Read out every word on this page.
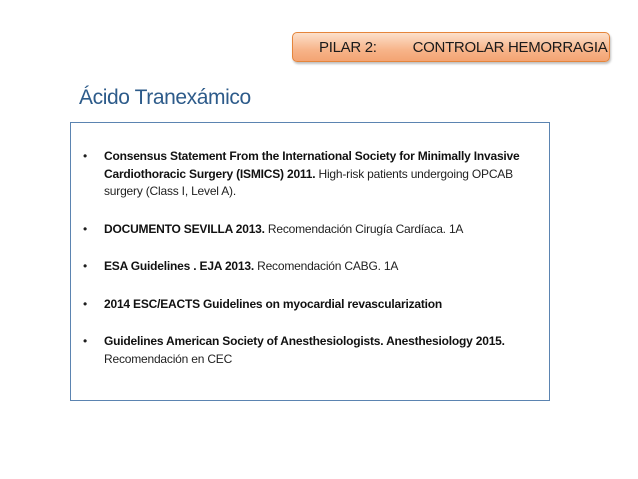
PILAR 2: CONTROLAR HEMORRAGIA
Ácido Tranexámico
• Consensus Statement From the International Society for Minimally Invasive Cardiothoracic Surgery (ISMICS) 2011. High-risk patients undergoing OPCAB surgery (Class I, Level A).
• DOCUMENTO SEVILLA 2013. Recomendación Cirugía Cardíaca. 1A
• ESA Guidelines . EJA 2013. Recomendación CABG. 1A
• 2014 ESC/EACTS Guidelines on myocardial revascularization
• Guidelines American Society of Anesthesiologists. Anesthesiology 2015. Recomendación en CEC
